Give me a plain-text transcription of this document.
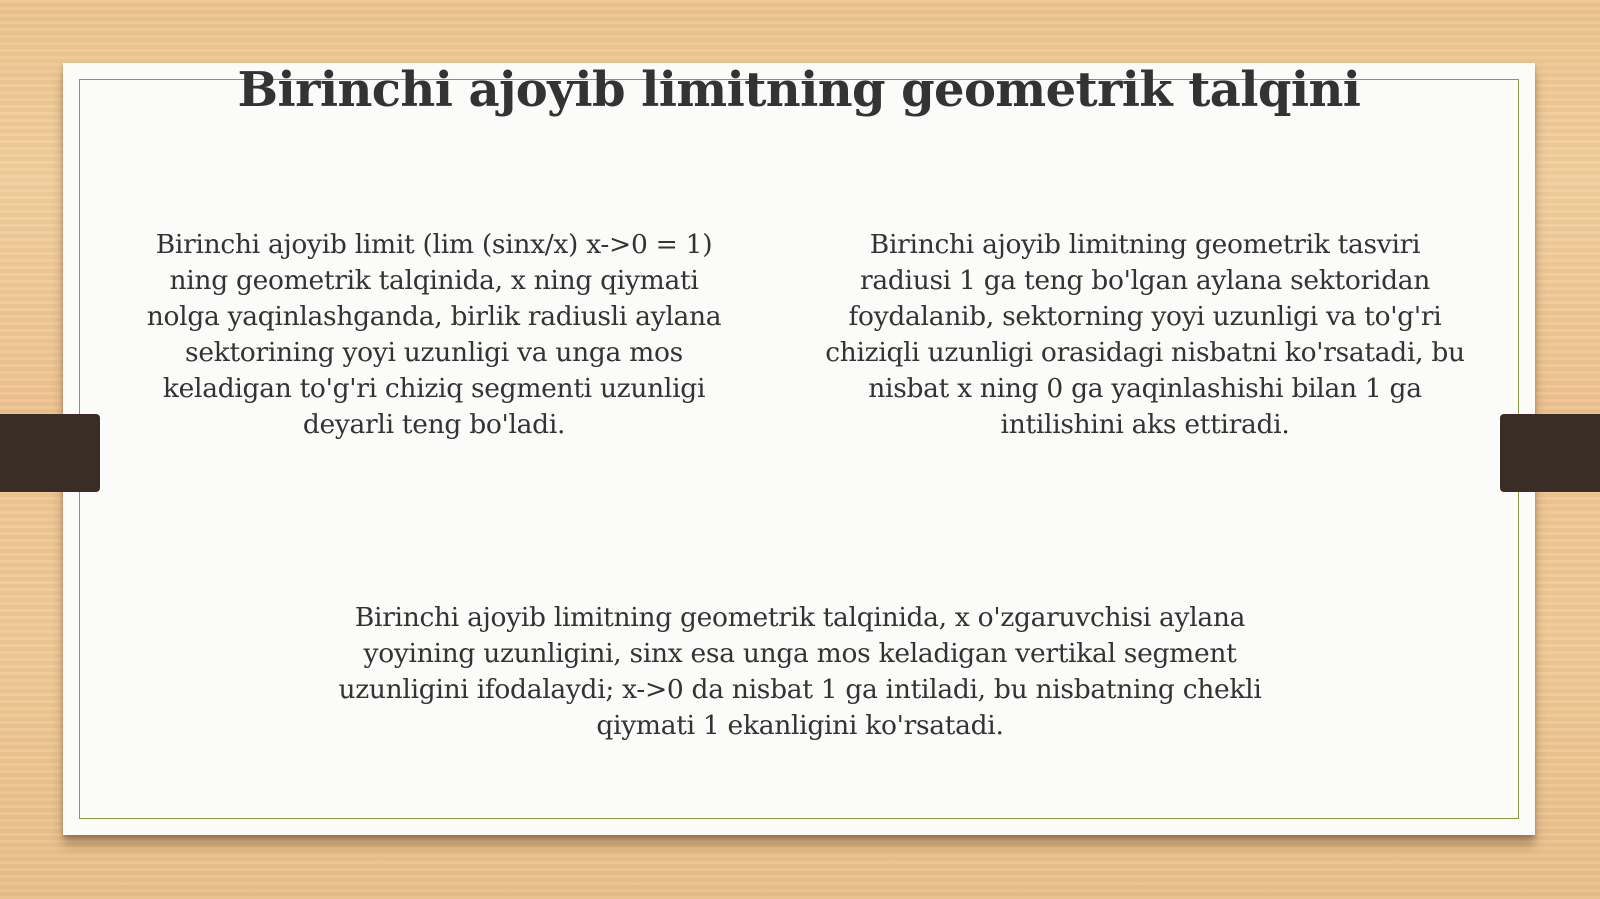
Birinchi ajoyib limitning geometrik talqini

Birinchi ajoyib limit (lim (sinx/x) x->0 = 1)
ning geometrik talqinida, x ning qiymati
nolga yaqinlashganda, birlik radiusli aylana
sektorining yoyi uzunligi va unga mos
keladigan to'g'ri chiziq segmenti uzunligi
deyarli teng bo'ladi.

Birinchi ajoyib limitning geometrik tasviri
radiusi 1 ga teng bo'lgan aylana sektoridan
foydalanib, sektorning yoyi uzunligi va to'g'ri
chiziqli uzunligi orasidagi nisbatni ko'rsatadi, bu
nisbat x ning 0 ga yaqinlashishi bilan 1 ga
intilishini aks ettiradi.

Birinchi ajoyib limitning geometrik talqinida, x o'zgaruvchisi aylana
yoyining uzunligini, sinx esa unga mos keladigan vertikal segment
uzunligini ifodalaydi; x->0 da nisbat 1 ga intiladi, bu nisbatning chekli
qiymati 1 ekanligini ko'rsatadi.
